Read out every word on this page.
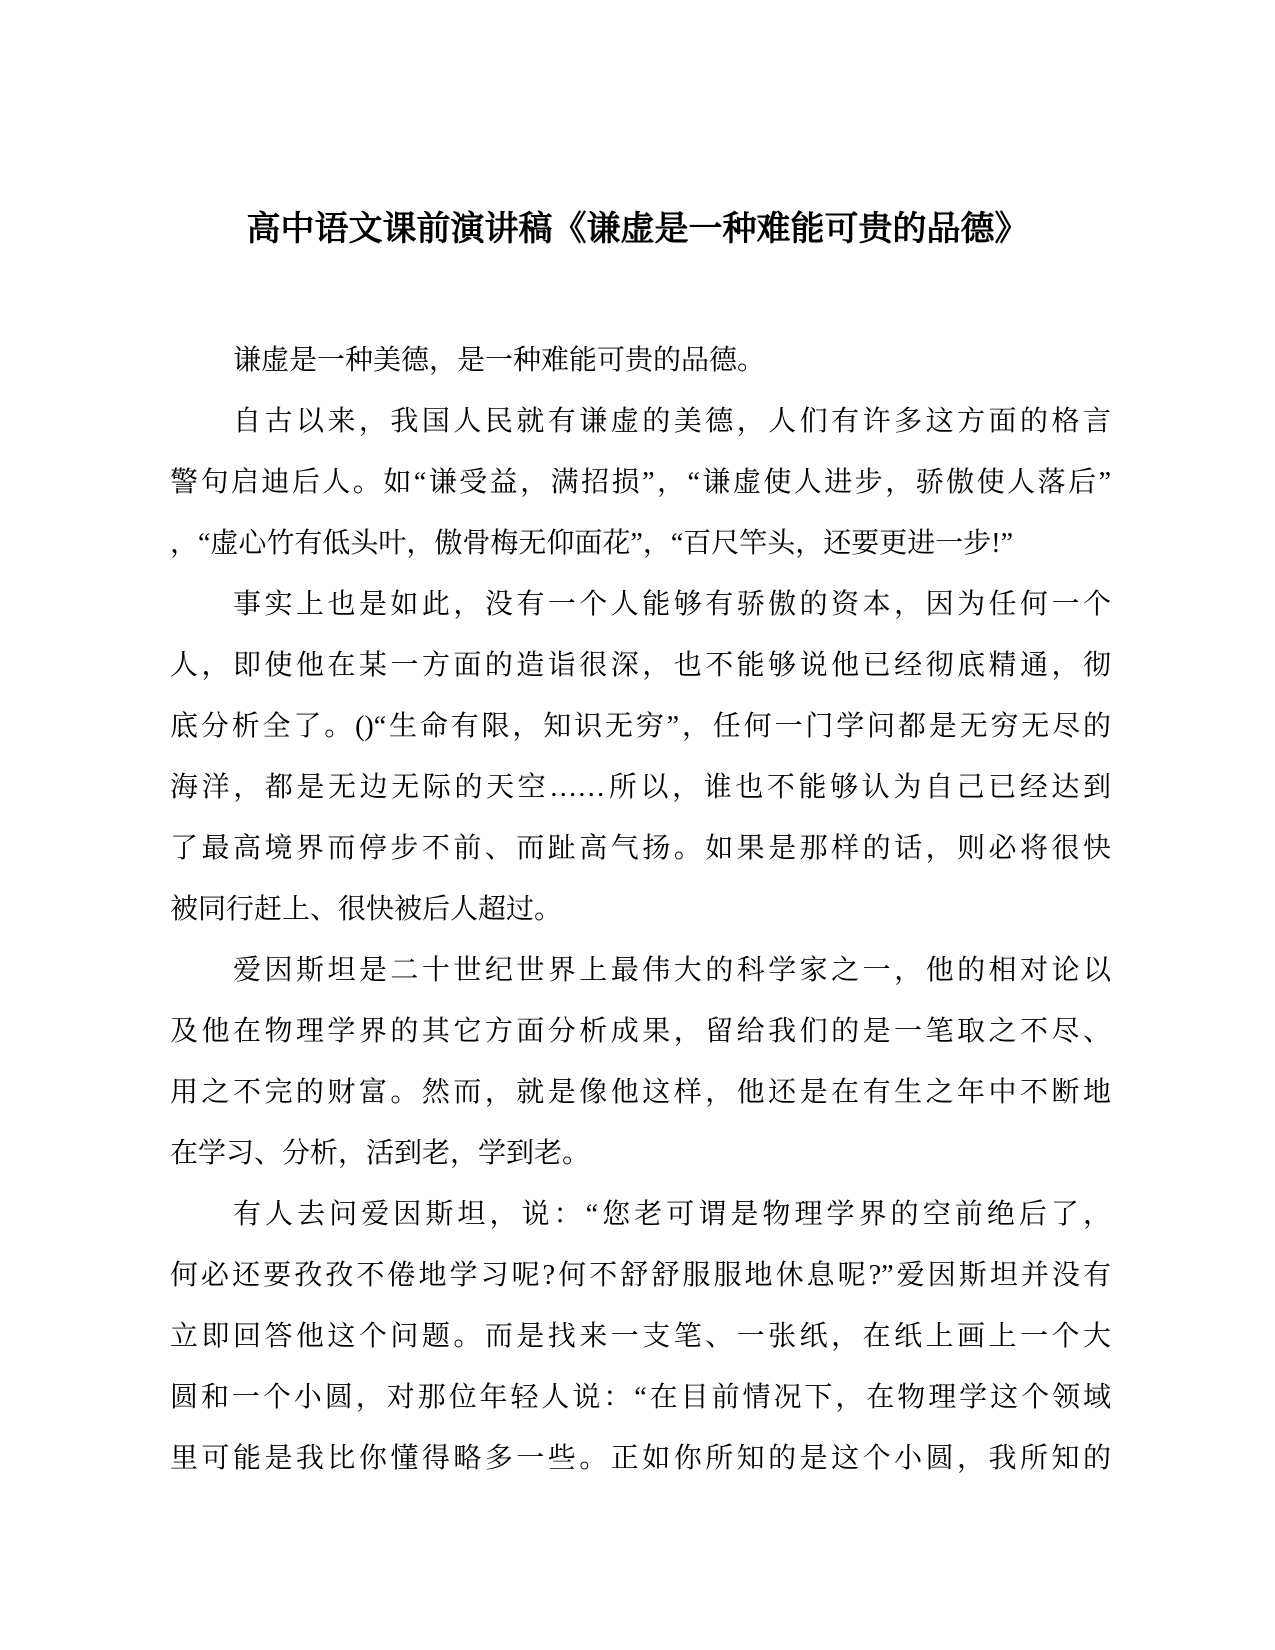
高中语文课前演讲稿《谦虚是一种难能可贵的品德》
谦虚是一种美德，是一种难能可贵的品德。
自古以来，我国人民就有谦虚的美德，人们有许多这方面的格言
警句启迪后人。如“谦受益，满招损”，“谦虚使人进步，骄傲使人落后”
，“虚心竹有低头叶，傲骨梅无仰面花”，“百尺竿头，还要更进一步!”
事实上也是如此，没有一个人能够有骄傲的资本，因为任何一个
人，即使他在某一方面的造诣很深，也不能够说他已经彻底精通，彻
底分析全了。()“生命有限，知识无穷”，任何一门学问都是无穷无尽的
海洋，都是无边无际的天空……所以，谁也不能够认为自己已经达到
了最高境界而停步不前、而趾高气扬。如果是那样的话，则必将很快
被同行赶上、很快被后人超过。
爱因斯坦是二十世纪世界上最伟大的科学家之一，他的相对论以
及他在物理学界的其它方面分析成果，留给我们的是一笔取之不尽、
用之不完的财富。然而，就是像他这样，他还是在有生之年中不断地
在学习、分析，活到老，学到老。
有人去问爱因斯坦，说：“您老可谓是物理学界的空前绝后了，
何必还要孜孜不倦地学习呢?何不舒舒服服地休息呢?”爱因斯坦并没有
立即回答他这个问题。而是找来一支笔、一张纸，在纸上画上一个大
圆和一个小圆，对那位年轻人说：“在目前情况下，在物理学这个领域
里可能是我比你懂得略多一些。正如你所知的是这个小圆，我所知的
